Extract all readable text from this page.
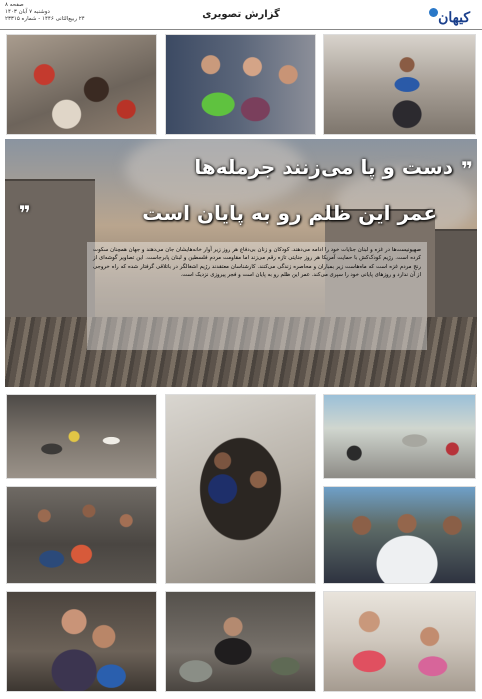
کیهان
گزارش تصویری
صفحه ۸
دوشنبه ۷ آبان ۱۴۰۳
۲۴ ربیع‌الثانی ۱۴۴۶ - شماره ۲۳۳۱۵
❞
دست و پا می‌زنند جرمله‌ها
عمر این ظلم رو به پایان است
❞

صهیونیست‌ها در غزه و لبنان جنایات خود را ادامه می‌دهند. کودکان و زنان بی‌دفاع هر روز زیر آوار خانه‌هایشان جان می‌دهند و جهان همچنان سکوت کرده است. رژیم کودک‌کش با حمایت آمریکا هر روز جنایتی تازه رقم می‌زند اما مقاومت مردم فلسطین و لبنان پابرجاست. این تصاویر گوشه‌ای از رنج مردم غزه است که ماه‌هاست زیر بمباران و محاصره زندگی می‌کنند. کارشناسان معتقدند رژیم اشغالگر در باتلاقی گرفتار شده که راه خروجی از آن ندارد و روزهای پایانی خود را سپری می‌کند. عمر این ظلم رو به پایان است و فجر پیروزی نزدیک است.
